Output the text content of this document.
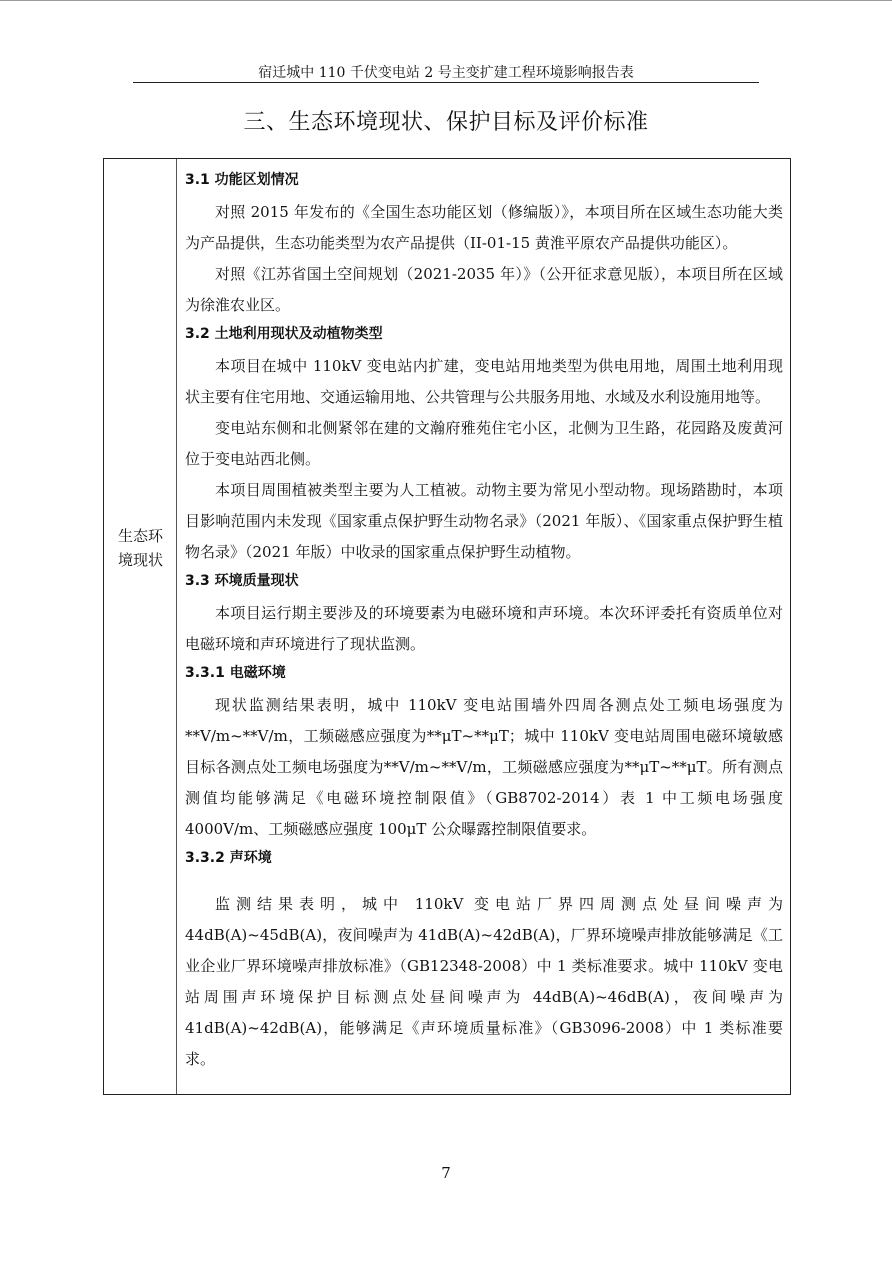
宿迁城中 110 千伏变电站 2 号主变扩建工程环境影响报告表
三、生态环境现状、保护目标及评价标准
生态环
境现状
3.1 功能区划情况
对照 2015 年发布的《全国生态功能区划（修编版）》，本项目所在区域生态功能大类为产品提供，生态功能类型为农产品提供（II-01-15 黄淮平原农产品提供功能区）。
对照《江苏省国土空间规划（2021-2035 年）》（公开征求意见版），本项目所在区域为徐淮农业区。
3.2 土地利用现状及动植物类型
本项目在城中 110kV 变电站内扩建，变电站用地类型为供电用地，周围土地利用现状主要有住宅用地、交通运输用地、公共管理与公共服务用地、水域及水利设施用地等。
变电站东侧和北侧紧邻在建的文瀚府雅苑住宅小区，北侧为卫生路，花园路及废黄河位于变电站西北侧。
本项目周围植被类型主要为人工植被。动物主要为常见小型动物。现场踏勘时，本项目影响范围内未发现《国家重点保护野生动物名录》（2021 年版）、《国家重点保护野生植物名录》（2021 年版）中收录的国家重点保护野生动植物。
3.3 环境质量现状
本项目运行期主要涉及的环境要素为电磁环境和声环境。本次环评委托有资质单位对电磁环境和声环境进行了现状监测。
3.3.1 电磁环境
现状监测结果表明，城中 110kV 变电站围墙外四周各测点处工频电场强度为**V/m~**V/m，工频磁感应强度为**μT~**μT；城中 110kV 变电站周围电磁环境敏感目标各测点处工频电场强度为**V/m~**V/m，工频磁感应强度为**μT~**μT。所有测点测值均能够满足《电磁环境控制限值》（GB8702-2014）表 1 中工频电场强度 4000V/m、工频磁感应强度 100μT 公众曝露控制限值要求。
3.3.2 声环境
监测结果表明，城中 110kV 变电站厂界四周测点处昼间噪声为 44dB(A)~45dB(A)，夜间噪声为 41dB(A)~42dB(A)，厂界环境噪声排放能够满足《工业企业厂界环境噪声排放标准》（GB12348-2008）中 1 类标准要求。城中 110kV 变电站周围声环境保护目标测点处昼间噪声为 44dB(A)~46dB(A)，夜间噪声为 41dB(A)~42dB(A)，能够满足《声环境质量标准》（GB3096-2008）中 1 类标准要求。
7
